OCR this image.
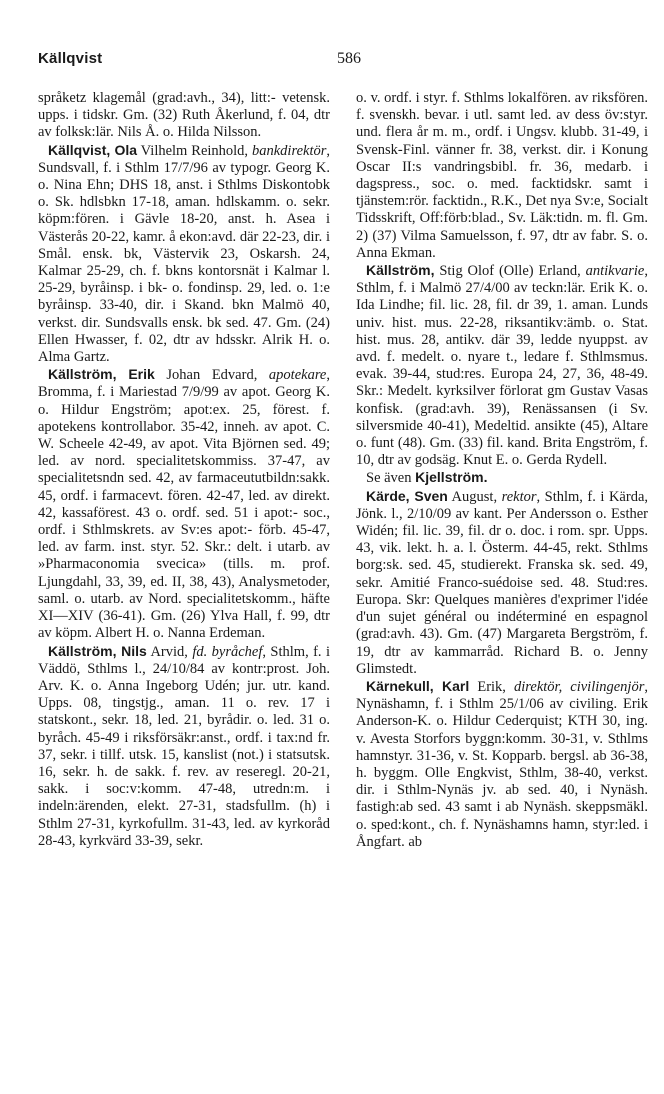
Källqvist	586

språketz klagemål (grad:avh., 34), litt:- vetensk. upps. i tidskr. Gm. (32) Ruth Åkerlund, f. 04, dtr av folksk:lär. Nils Å. o. Hilda Nilsson.

Källqvist, Ola Vilhelm Reinhold, bankdirektör, Sundsvall, f. i Sthlm 17/7/96 av typogr. Georg K. o. Nina Ehn; DHS 18, anst. i Sthlms Diskontobk o. Sk. hdlsbkn 17-18, aman. hdlskamm. o. sekr. köpm:fören. i Gävle 18-20, anst. h. Asea i Västerås 20-22, kamr. å ekon:avd. där 22-23, dir. i Smål. ensk. bk, Västervik 23, Oskarsh. 24, Kalmar 25-29, ch. f. bkns kontorsnät i Kalmar l. 25-29, byråinsp. i bk- o. fondinsp. 29, led. o. 1:e byråinsp. 33-40, dir. i Skand. bkn Malmö 40, verkst. dir. Sundsvalls ensk. bk sed. 47. Gm. (24) Ellen Hwasser, f. 02, dtr av hdsskr. Alrik H. o. Alma Gartz.

Källström, Erik Johan Edvard, apotekare, Bromma, f. i Mariestad 7/9/99 av apot. Georg K. o. Hildur Engström; apot:ex. 25, förest. f. apotekens kontrollabor. 35-42, inneh. av apot. C. W. Scheele 42-49, av apot. Vita Björnen sed. 49; led. av nord. specialitetskommiss. 37-47, av specialitetsndn sed. 42, av farmaceututbildn:sakk. 45, ordf. i farmacevt. fören. 42-47, led. av direkt. 42, kassaförest. 43 o. ordf. sed. 51 i apot:- soc., ordf. i Sthlmskrets. av Sv:es apot:- förb. 45-47, led. av farm. inst. styr. 52. Skr.: delt. i utarb. av »Pharmaconomia svecica» (tills. m. prof. Ljungdahl, 33, 39, ed. II, 38, 43), Analysmetoder, saml. o. utarb. av Nord. specialitetskomm., häfte XI—XIV (36-41). Gm. (26) Ylva Hall, f. 99, dtr av köpm. Albert H. o. Nanna Erdeman.

Källström, Nils Arvid, fd. byråchef, Sthlm, f. i Väddö, Sthlms l., 24/10/84 av kontr:prost. Joh. Arv. K. o. Anna Ingeborg Udén; jur. utr. kand. Upps. 08, tingstjg., aman. 11 o. rev. 17 i statskont., sekr. 18, led. 21, byrådir. o. led. 31 o. byråch. 45-49 i riksförsäkr:anst., ordf. i tax:nd fr. 37, sekr. i tillf. utsk. 15, kanslist (not.) i statsutsk. 16, sekr. h. de sakk. f. rev. av reseregl. 20-21, sakk. i soc:v:komm. 47-48, utredn:m. i indeln:ärenden, elekt. 27-31, stadsfullm. (h) i Sthlm 27-31, kyrkofullm. 31-43, led. av kyrkoråd 28-43, kyrkvärd 33-39, sekr.

o. v. ordf. i styr. f. Sthlms lokalfören. av riksfören. f. svenskh. bevar. i utl. samt led. av dess öv:styr. und. flera år m. m., ordf. i Ungsv. klubb. 31-49, i Svensk-Finl. vänner fr. 38, verkst. dir. i Konung Oscar II:s vandringsbibl. fr. 36, medarb. i dagspress., soc. o. med. facktidskr. samt i tjänstem:rör. facktidn., R.K., Det nya Sv:e, Socialt Tidsskrift, Off:förb:blad., Sv. Läk:tidn. m. fl. Gm. 2) (37) Vilma Samuelsson, f. 97, dtr av fabr. S. o. Anna Ekman.

Källström, Stig Olof (Olle) Erland, antikvarie, Sthlm, f. i Malmö 27/4/00 av teckn:lär. Erik K. o. Ida Lindhe; fil. lic. 28, fil. dr 39, 1. aman. Lunds univ. hist. mus. 22-28, riksantikv:ämb. o. Stat. hist. mus. 28, antikv. där 39, ledde nyuppst. av avd. f. medelt. o. nyare t., ledare f. Sthlmsmus. evak. 39-44, stud:res. Europa 24, 27, 36, 48-49. Skr.: Medelt. kyrksilver förlorat gm Gustav Vasas konfisk. (grad:avh. 39), Renässansen (i Sv. silversmide 40-41), Medeltid. ansikte (45), Altare o. funt (48). Gm. (33) fil. kand. Brita Engström, f. 10, dtr av godsäg. Knut E. o. Gerda Rydell.

Se även Kjellström.

Kärde, Sven August, rektor, Sthlm, f. i Kärda, Jönk. l., 2/10/09 av kant. Per Andersson o. Esther Widén; fil. lic. 39, fil. dr o. doc. i rom. spr. Upps. 43, vik. lekt. h. a. l. Österm. 44-45, rekt. Sthlms borg:sk. sed. 45, studierekt. Franska sk. sed. 49, sekr. Amitié Franco-suédoise sed. 48. Stud:res. Europa. Skr: Quelques manières d'exprimer l'idée d'un sujet général ou indéterminé en espagnol (grad:avh. 43). Gm. (47) Margareta Bergström, f. 19, dtr av kammarråd. Richard B. o. Jenny Glimstedt.

Kärnekull, Karl Erik, direktör, civilingenjör, Nynäshamn, f. i Sthlm 25/1/06 av civiling. Erik Anderson-K. o. Hildur Cederquist; KTH 30, ing. v. Avesta Storfors byggn:komm. 30-31, v. Sthlms hamnstyr. 31-36, v. St. Kopparb. bergsl. ab 36-38, h. byggm. Olle Engkvist, Sthlm, 38-40, verkst. dir. i Sthlm-Nynäs jv. ab sed. 40, i Nynäsh. fastigh:ab sed. 43 samt i ab Nynäsh. skeppsmäkl. o. sped:kont., ch. f. Nynäshamns hamn, styr:led. i Ångfart. ab
